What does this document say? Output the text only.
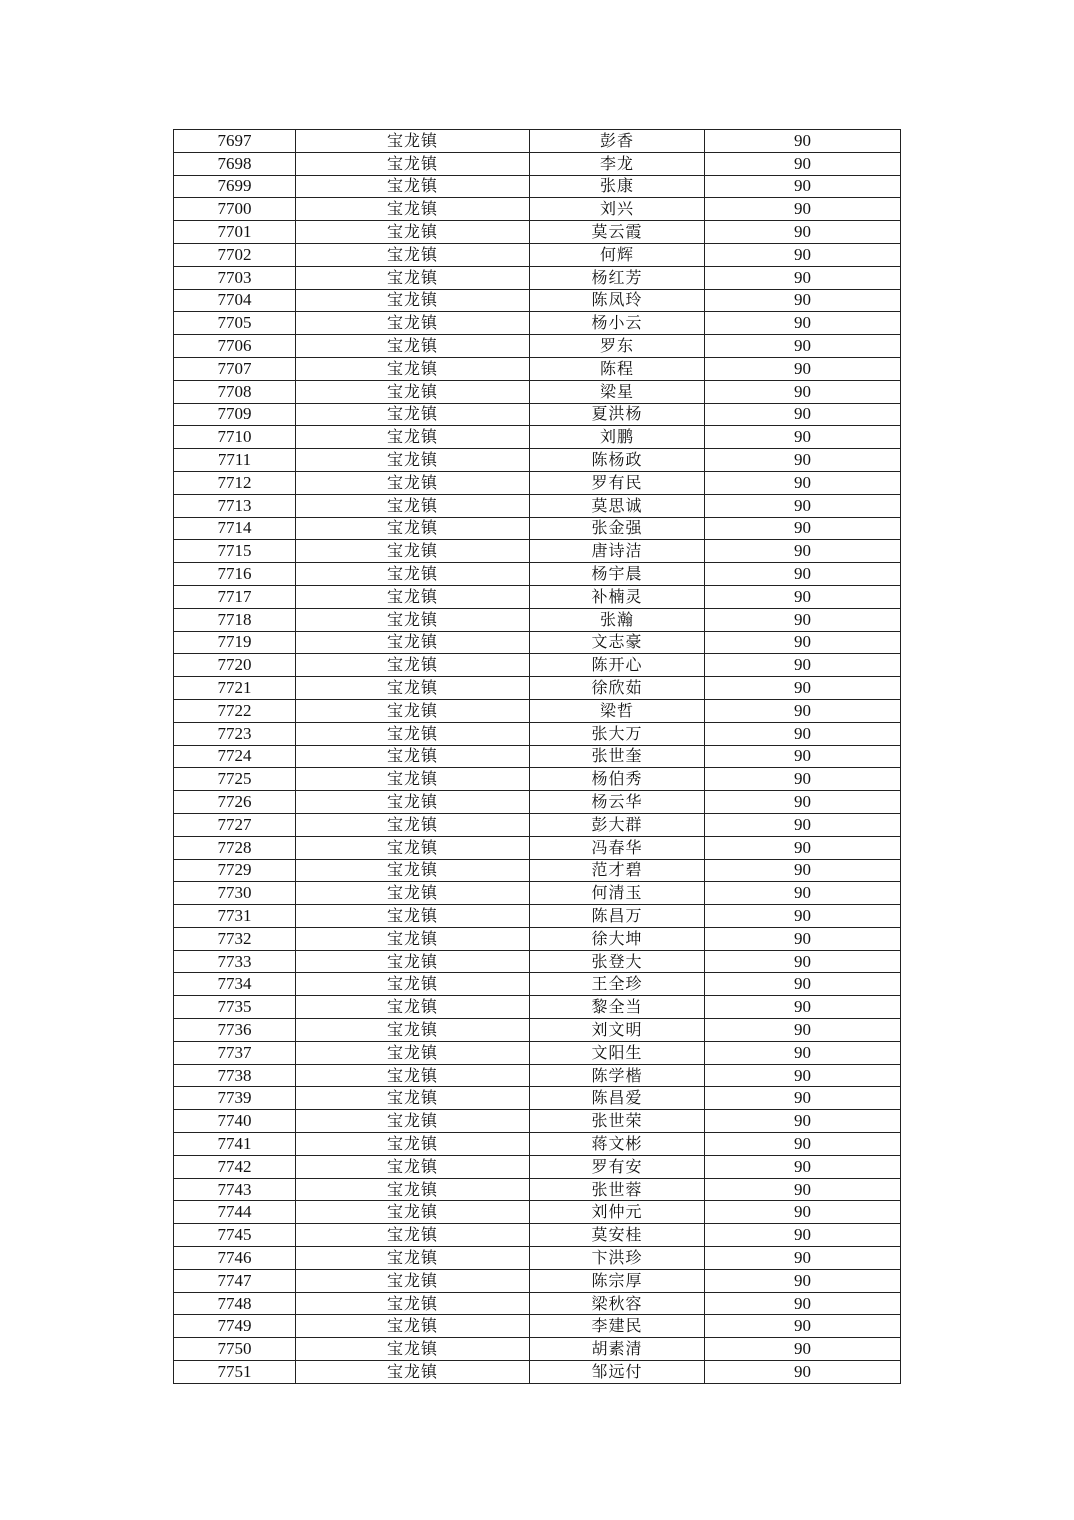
7697	宝龙镇	彭香	90
7698	宝龙镇	李龙	90
7699	宝龙镇	张康	90
7700	宝龙镇	刘兴	90
7701	宝龙镇	莫云霞	90
7702	宝龙镇	何辉	90
7703	宝龙镇	杨红芳	90
7704	宝龙镇	陈凤玲	90
7705	宝龙镇	杨小云	90
7706	宝龙镇	罗东	90
7707	宝龙镇	陈程	90
7708	宝龙镇	梁星	90
7709	宝龙镇	夏洪杨	90
7710	宝龙镇	刘鹏	90
7711	宝龙镇	陈杨政	90
7712	宝龙镇	罗有民	90
7713	宝龙镇	莫思诚	90
7714	宝龙镇	张金强	90
7715	宝龙镇	唐诗洁	90
7716	宝龙镇	杨宇晨	90
7717	宝龙镇	补楠灵	90
7718	宝龙镇	张瀚	90
7719	宝龙镇	文志豪	90
7720	宝龙镇	陈开心	90
7721	宝龙镇	徐欣茹	90
7722	宝龙镇	梁哲	90
7723	宝龙镇	张大万	90
7724	宝龙镇	张世奎	90
7725	宝龙镇	杨伯秀	90
7726	宝龙镇	杨云华	90
7727	宝龙镇	彭大群	90
7728	宝龙镇	冯春华	90
7729	宝龙镇	范才碧	90
7730	宝龙镇	何清玉	90
7731	宝龙镇	陈昌万	90
7732	宝龙镇	徐大坤	90
7733	宝龙镇	张登大	90
7734	宝龙镇	王全珍	90
7735	宝龙镇	黎全当	90
7736	宝龙镇	刘文明	90
7737	宝龙镇	文阳生	90
7738	宝龙镇	陈学楷	90
7739	宝龙镇	陈昌爱	90
7740	宝龙镇	张世荣	90
7741	宝龙镇	蒋文彬	90
7742	宝龙镇	罗有安	90
7743	宝龙镇	张世蓉	90
7744	宝龙镇	刘仲元	90
7745	宝龙镇	莫安桂	90
7746	宝龙镇	卞洪珍	90
7747	宝龙镇	陈宗厚	90
7748	宝龙镇	梁秋容	90
7749	宝龙镇	李建民	90
7750	宝龙镇	胡素清	90
7751	宝龙镇	邹远付	90
